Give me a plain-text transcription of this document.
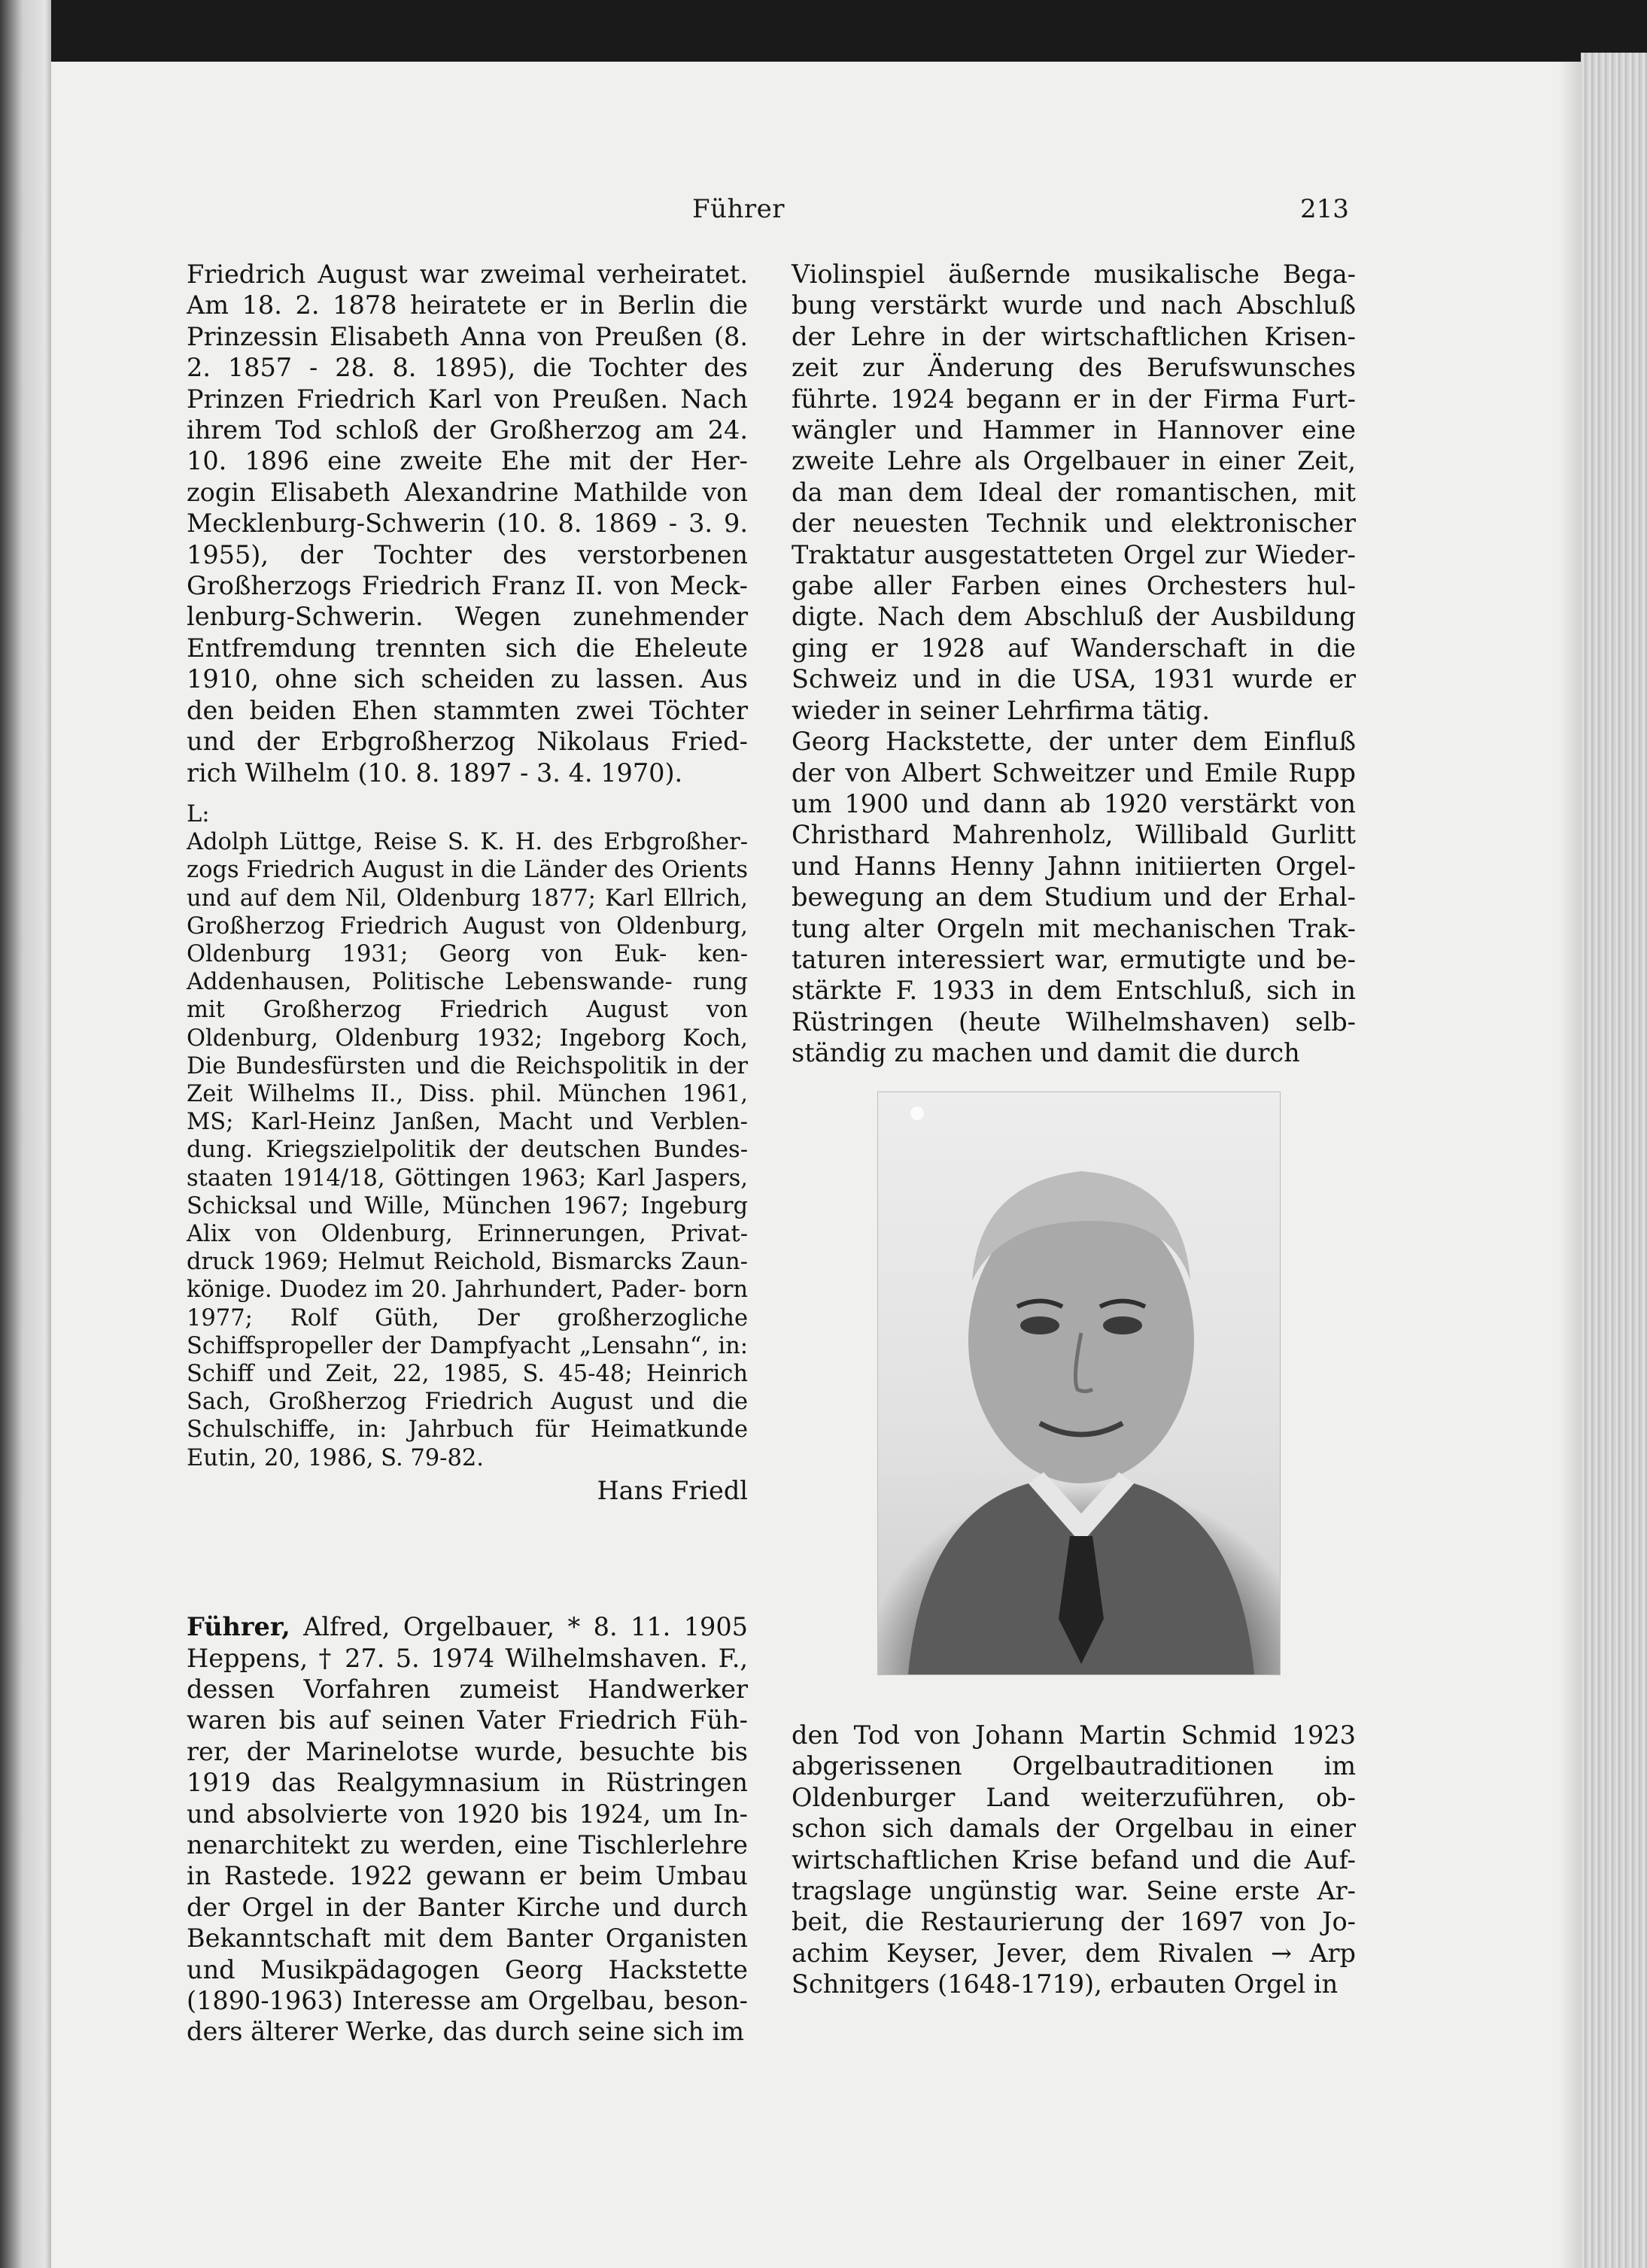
Führer	213

Friedrich August war zweimal verheiratet. Am 18. 2. 1878 heiratete er in Berlin die Prinzessin Elisabeth Anna von Preußen (8. 2. 1857 - 28. 8. 1895), die Tochter des Prinzen Friedrich Karl von Preußen. Nach ihrem Tod schloß der Großherzog am 24. 10. 1896 eine zweite Ehe mit der Her- zogin Elisabeth Alexandrine Mathilde von Mecklenburg-Schwerin (10. 8. 1869 - 3. 9. 1955), der Tochter des verstorbenen Großherzogs Friedrich Franz II. von Meck- lenburg-Schwerin. Wegen zunehmender Entfremdung trennten sich die Eheleute 1910, ohne sich scheiden zu lassen. Aus den beiden Ehen stammten zwei Töchter und der Erbgroßherzog Nikolaus Fried- rich Wilhelm (10. 8. 1897 - 3. 4. 1970).

L:

Adolph Lüttge, Reise S. K. H. des Erbgroßher- zogs Friedrich August in die Länder des Orients und auf dem Nil, Oldenburg 1877; Karl Ellrich, Großherzog Friedrich August von Oldenburg, Oldenburg 1931; Georg von Euk- ken-Addenhausen, Politische Lebenswande- rung mit Großherzog Friedrich August von Oldenburg, Oldenburg 1932; Ingeborg Koch, Die Bundesfürsten und die Reichspolitik in der Zeit Wilhelms II., Diss. phil. München 1961, MS; Karl-Heinz Janßen, Macht und Verblen- dung. Kriegszielpolitik der deutschen Bundes- staaten 1914/18, Göttingen 1963; Karl Jaspers, Schicksal und Wille, München 1967; Ingeburg Alix von Oldenburg, Erinnerungen, Privat- druck 1969; Helmut Reichold, Bismarcks Zaun- könige. Duodez im 20. Jahrhundert, Pader- born 1977; Rolf Güth, Der großherzogliche Schiffspropeller der Dampfyacht „Lensahn“, in: Schiff und Zeit, 22, 1985, S. 45-48; Heinrich Sach, Großherzog Friedrich August und die Schulschiffe, in: Jahrbuch für Heimatkunde Eutin, 20, 1986, S. 79-82.

Hans Friedl

Führer, Alfred, Orgelbauer, * 8. 11. 1905 Heppens, † 27. 5. 1974 Wilhelmshaven. F., dessen Vorfahren zumeist Handwerker waren bis auf seinen Vater Friedrich Füh- rer, der Marinelotse wurde, besuchte bis 1919 das Realgymnasium in Rüstringen und absolvierte von 1920 bis 1924, um In- nenarchitekt zu werden, eine Tischlerlehre in Rastede. 1922 gewann er beim Umbau der Orgel in der Banter Kirche und durch Bekanntschaft mit dem Banter Organisten und Musikpädagogen Georg Hackstette (1890-1963) Interesse am Orgelbau, beson- ders älterer Werke, das durch seine sich im

Violinspiel äußernde musikalische Bega- bung verstärkt wurde und nach Abschluß der Lehre in der wirtschaftlichen Krisen- zeit zur Änderung des Berufswunsches führte. 1924 begann er in der Firma Furt- wängler und Hammer in Hannover eine zweite Lehre als Orgelbauer in einer Zeit, da man dem Ideal der romantischen, mit der neuesten Technik und elektronischer Traktatur ausgestatteten Orgel zur Wieder- gabe aller Farben eines Orchesters hul- digte. Nach dem Abschluß der Ausbildung ging er 1928 auf Wanderschaft in die Schweiz und in die USA, 1931 wurde er wieder in seiner Lehrfirma tätig.

Georg Hackstette, der unter dem Einfluß der von Albert Schweitzer und Emile Rupp um 1900 und dann ab 1920 verstärkt von Christhard Mahrenholz, Willibald Gurlitt und Hanns Henny Jahnn initiierten Orgel- bewegung an dem Studium und der Erhal- tung alter Orgeln mit mechanischen Trak- taturen interessiert war, ermutigte und be- stärkte F. 1933 in dem Entschluß, sich in Rüstringen (heute Wilhelmshaven) selb- ständig zu machen und damit die durch

den Tod von Johann Martin Schmid 1923 abgerissenen Orgelbautraditionen im Oldenburger Land weiterzuführen, ob- schon sich damals der Orgelbau in einer wirtschaftlichen Krise befand und die Auf- tragslage ungünstig war. Seine erste Ar- beit, die Restaurierung der 1697 von Jo- achim Keyser, Jever, dem Rivalen → Arp Schnitgers (1648-1719), erbauten Orgel in
